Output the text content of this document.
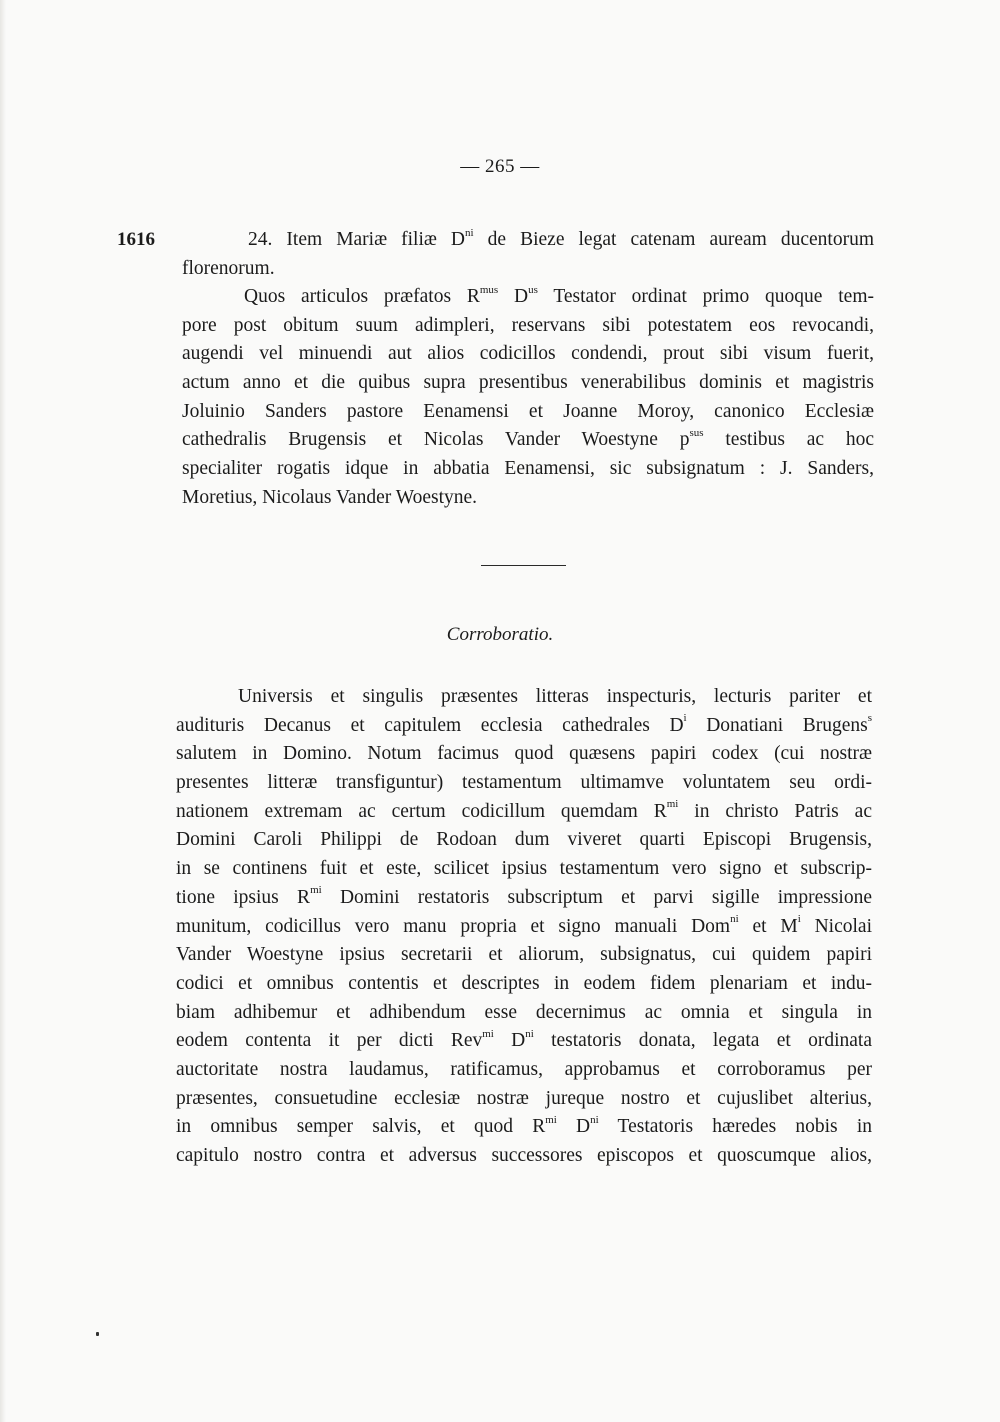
— 265 —
1616	24. Item Mariæ filiæ $D^{ni}$ de Bieze legat catenam auream ducentorum
florenorum.
Quos articulos præfatos $R^{mus}$ $D^{us}$ Testator ordinat primo quoque tem-
pore post obitum suum adimpleri, reservans sibi potestatem eos revocandi,
augendi vel minuendi aut alios codicillos condendi, prout sibi visum fuerit,
actum anno et die quibus supra presentibus venerabilibus dominis et magistris
Joluinio Sanders pastore Eenamensi et Joanne Moroy, canonico Ecclesiæ
cathedralis Brugensis et Nicolas Vander Woestyne $p^{sus}$ testibus ac hoc
specialiter rogatis idque in abbatia Eenamensi, sic subsignatum : J. Sanders,
Moretius, Nicolaus Vander Woestyne.
Corroboratio.
Universis et singulis præsentes litteras inspecturis, lecturis pariter et
audituris Decanus et capitulem ecclesia cathedrales $D^i$ Donatiani Brugens$^s$
salutem in Domino. Notum facimus quod quæsens papiri codex (cui nostræ
presentes litteræ transfiguntur) testamentum ultimamve voluntatem seu ordi-
nationem extremam ac certum codicillum quemdam $R^{mi}$ in christo Patris ac
Domini Caroli Philippi de Rodoan dum viveret quarti Episcopi Brugensis,
in se continens fuit et este, scilicet ipsius testamentum vero signo et subscrip-
tione ipsius $R^{mi}$ Domini restatoris subscriptum et parvi sigille impressione
munitum, codicillus vero manu propria et signo manuali Dom$^{ni}$ et $M^i$ Nicolai
Vander Woestyne ipsius secretarii et aliorum, subsignatus, cui quidem papiri
codici et omnibus contentis et descriptes in eodem fidem plenariam et indu-
biam adhibemur et adhibendum esse decernimus ac omnia et singula in
eodem contenta it per dicti Rev$^{mi}$ $D^{ni}$ testatoris donata, legata et ordinata
auctoritate nostra laudamus, ratificamus, approbamus et corroboramus per
præsentes, consuetudine ecclesiæ nostræ jureque nostro et cujuslibet alterius,
in omnibus semper salvis, et quod $R^{mi}$ $D^{ni}$ Testatoris hæredes nobis in
capitulo nostro contra et adversus successores episcopos et quoscumque alios,
